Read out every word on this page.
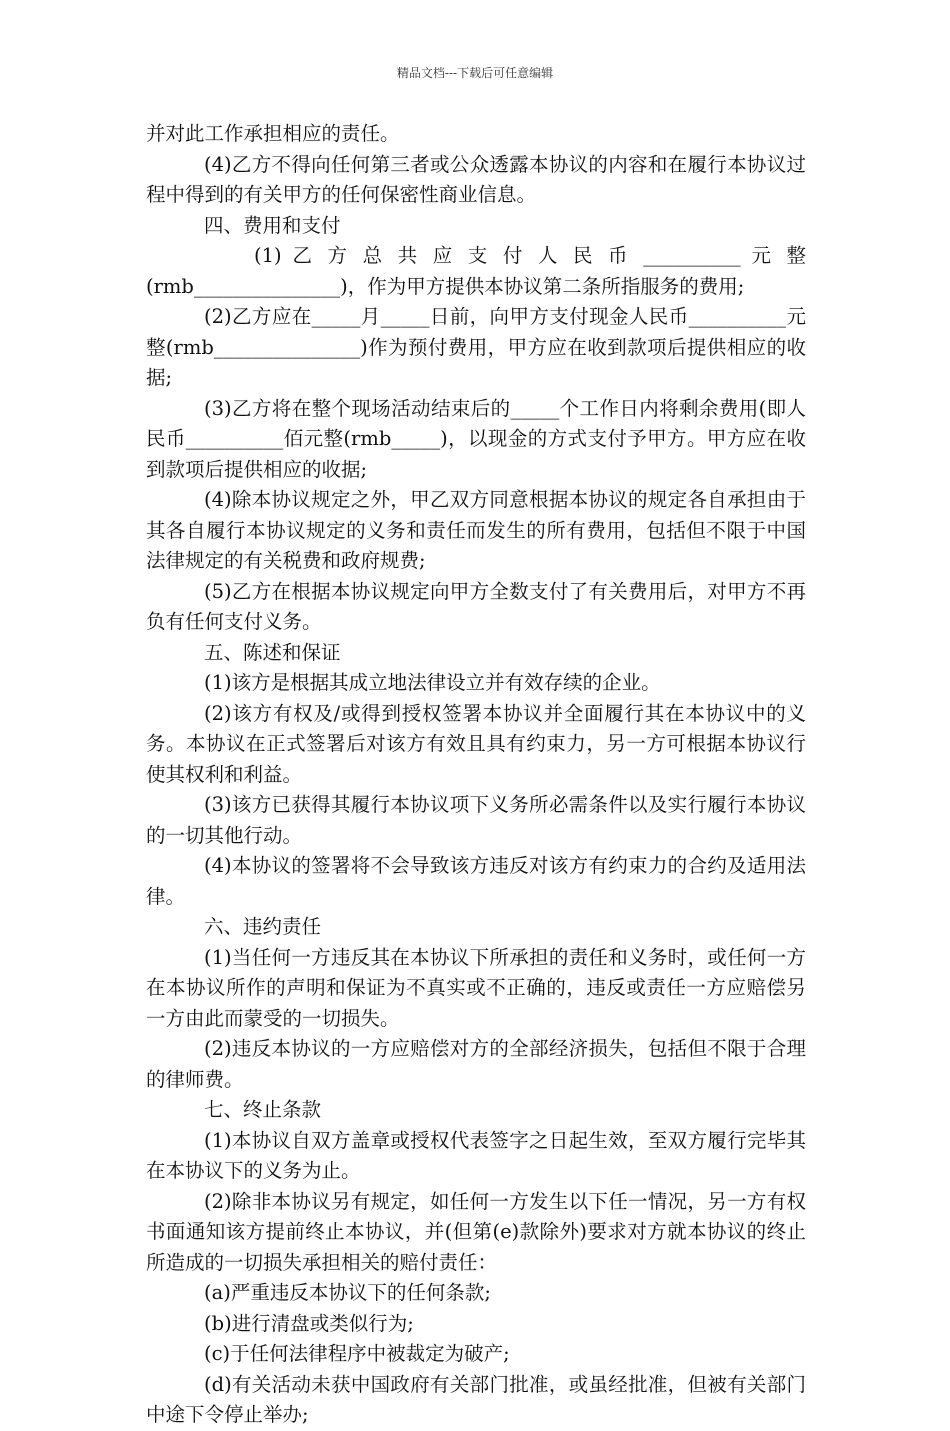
精品文档---下载后可任意编辑

并对此工作承担相应的责任。

(4)乙方不得向任何第三者或公众透露本协议的内容和在履行本协议过程中得到的有关甲方的任何保密性商业信息。

四、费用和支付

(1) 乙 方 总 共 应 支 付 人 民 币 __________ 元 整

(rmb_______________)，作为甲方提供本协议第二条所指服务的费用;

(2)乙方应在_____月_____日前，向甲方支付现金人民币__________元整(rmb_______________)作为预付费用，甲方应在收到款项后提供相应的收据;

(3)乙方将在整个现场活动结束后的_____个工作日内将剩余费用(即人民币__________佰元整(rmb_____)，以现金的方式支付予甲方。甲方应在收到款项后提供相应的收据;

(4)除本协议规定之外，甲乙双方同意根据本协议的规定各自承担由于其各自履行本协议规定的义务和责任而发生的所有费用，包括但不限于中国法律规定的有关税费和政府规费;

(5)乙方在根据本协议规定向甲方全数支付了有关费用后，对甲方不再负有任何支付义务。

五、陈述和保证

(1)该方是根据其成立地法律设立并有效存续的企业。

(2)该方有权及/或得到授权签署本协议并全面履行其在本协议中的义务。本协议在正式签署后对该方有效且具有约束力，另一方可根据本协议行使其权利和利益。

(3)该方已获得其履行本协议项下义务所必需条件以及实行履行本协议的一切其他行动。

(4)本协议的签署将不会导致该方违反对该方有约束力的合约及适用法律。

六、违约责任

(1)当任何一方违反其在本协议下所承担的责任和义务时，或任何一方在本协议所作的声明和保证为不真实或不正确的，违反或责任一方应赔偿另一方由此而蒙受的一切损失。

(2)违反本协议的一方应赔偿对方的全部经济损失，包括但不限于合理的律师费。

七、终止条款

(1)本协议自双方盖章或授权代表签字之日起生效，至双方履行完毕其在本协议下的义务为止。

(2)除非本协议另有规定，如任何一方发生以下任一情况，另一方有权书面通知该方提前终止本协议，并(但第(e)款除外)要求对方就本协议的终止所造成的一切损失承担相关的赔付责任：

(a)严重违反本协议下的任何条款;

(b)进行清盘或类似行为;

(c)于任何法律程序中被裁定为破产;

(d)有关活动未获中国政府有关部门批准，或虽经批准，但被有关部门中途下令停止举办;
